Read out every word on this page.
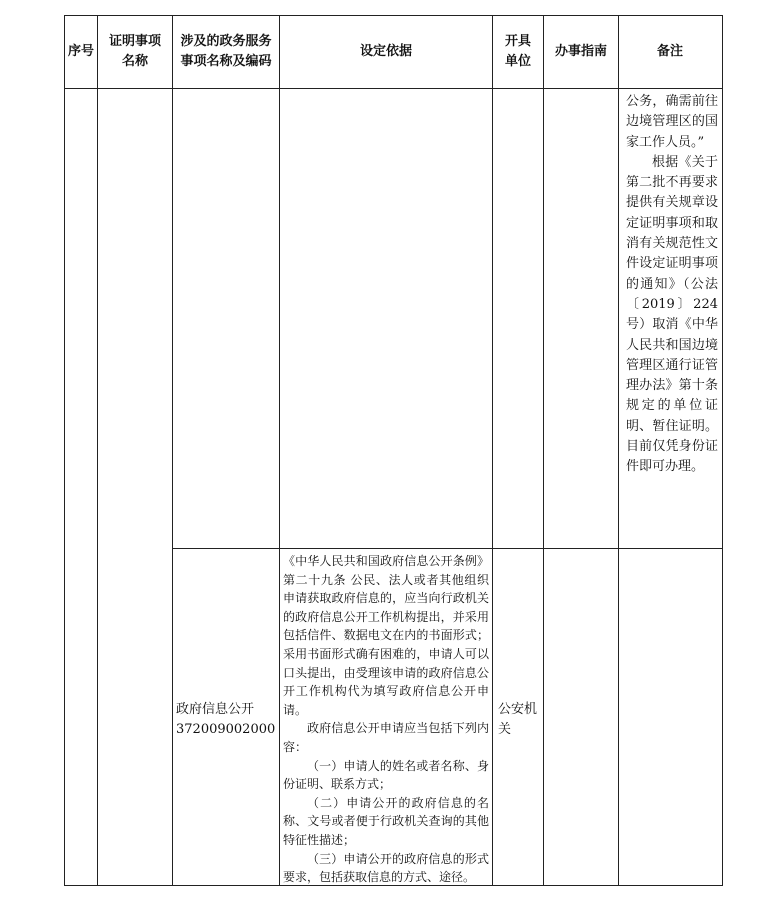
序号
证明事项名称
涉及的政务服务事项名称及编码
设定依据
开具单位
办事指南	备注

公务，确需前往边境管理区的国家工作人员。”

根据《关于第二批不再要求提供有关规章设定证明事项和取消有关规范性文件设定证明事项的通知》（公法〔2019〕224号）取消《中华人民共和国边境管理区通行证管理办法》第十条规定的单位证明、暂住证明。目前仅凭身份证件即可办理。

政府信息公开
372009002000

《中华人民共和国政府信息公开条例》第二十九条 公民、法人或者其他组织申请获取政府信息的，应当向行政机关的政府信息公开工作机构提出，并采用包括信件、数据电文在内的书面形式；采用书面形式确有困难的，申请人可以口头提出，由受理该申请的政府信息公开工作机构代为填写政府信息公开申请。

政府信息公开申请应当包括下列内容：

（一）申请人的姓名或者名称、身份证明、联系方式；

（二）申请公开的政府信息的名称、文号或者便于行政机关查询的其他特征性描述；

（三）申请公开的政府信息的形式要求，包括获取信息的方式、途径。

公安机关
